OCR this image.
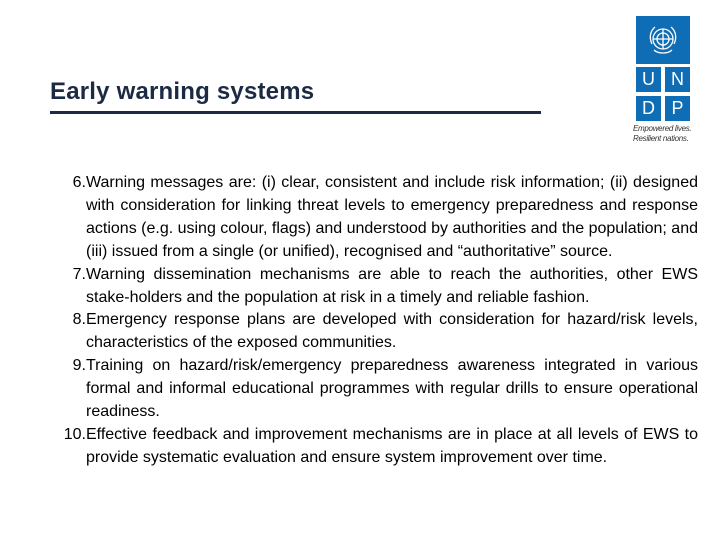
Early warning systems	U N
D P
Empowered lives. Resilient nations.
6. Warning messages are: (i) clear, consistent and include risk information; (ii) designed with consideration for linking threat levels to emergency preparedness and response actions (e.g. using colour, flags) and understood by authorities and the population; and (iii) issued from a single (or unified), recognised and “authoritative” source.
7. Warning dissemination mechanisms are able to reach the authorities, other EWS stake-holders and the population at risk in a timely and reliable fashion.
8. Emergency response plans are developed with consideration for hazard/risk levels, characteristics of the exposed communities.
9. Training on hazard/risk/emergency preparedness awareness integrated in various formal and informal educational programmes with regular drills to ensure operational readiness.
10. Effective feedback and improvement mechanisms are in place at all levels of EWS to provide systematic evaluation and ensure system improvement over time.
